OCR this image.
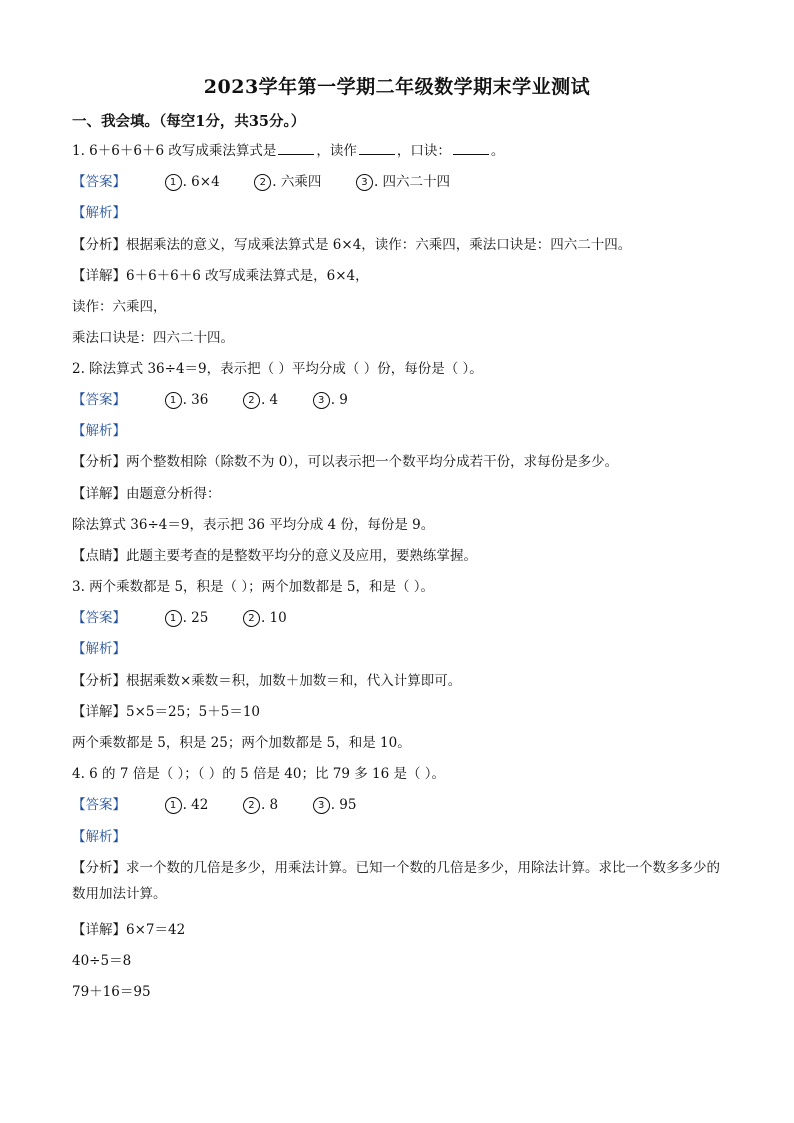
2023学年第一学期二年级数学期末学业测试
一、我会填。（每空1分，共35分。）
1. 6＋6＋6＋6 改写成乘法算式是	，读作	，口诀：	。
【答案】	1 . 6×4	2 . 六乘四	3 . 四六二十四
【解析】
【分析】根据乘法的意义，写成乘法算式是 6×4，读作：六乘四，乘法口诀是：四六二十四。
【详解】6＋6＋6＋6 改写成乘法算式是，6×4，
读作：六乘四，
乘法口诀是：四六二十四。
2. 除法算式 36÷4＝9，表示把（ ）平均分成（ ）份，每份是（ ）。
【答案】	1 . 36	2 . 4	3 . 9
【解析】
【分析】两个整数相除（除数不为 0），可以表示把一个数平均分成若干份，求每份是多少。
【详解】由题意分析得：
除法算式 36÷4＝9，表示把 36 平均分成 4 份，每份是 9。
【点睛】此题主要考查的是整数平均分的意义及应用，要熟练掌握。
3. 两个乘数都是 5，积是（ ）；两个加数都是 5，和是（ ）。
【答案】	1 . 25	2 . 10
【解析】
【分析】根据乘数×乘数＝积，加数＋加数＝和，代入计算即可。
【详解】5×5＝25；5＋5＝10
两个乘数都是 5，积是 25；两个加数都是 5，和是 10。
4. 6 的 7 倍是（ ）；（ ）的 5 倍是 40；比 79 多 16 是（ ）。
【答案】	1 . 42	2 . 8	3 . 95
【解析】
【分析】求一个数的几倍是多少，用乘法计算。已知一个数的几倍是多少，用除法计算。求比一个数多多少的数用加法计算。
【详解】6×7＝42
40÷5＝8
79＋16＝95
